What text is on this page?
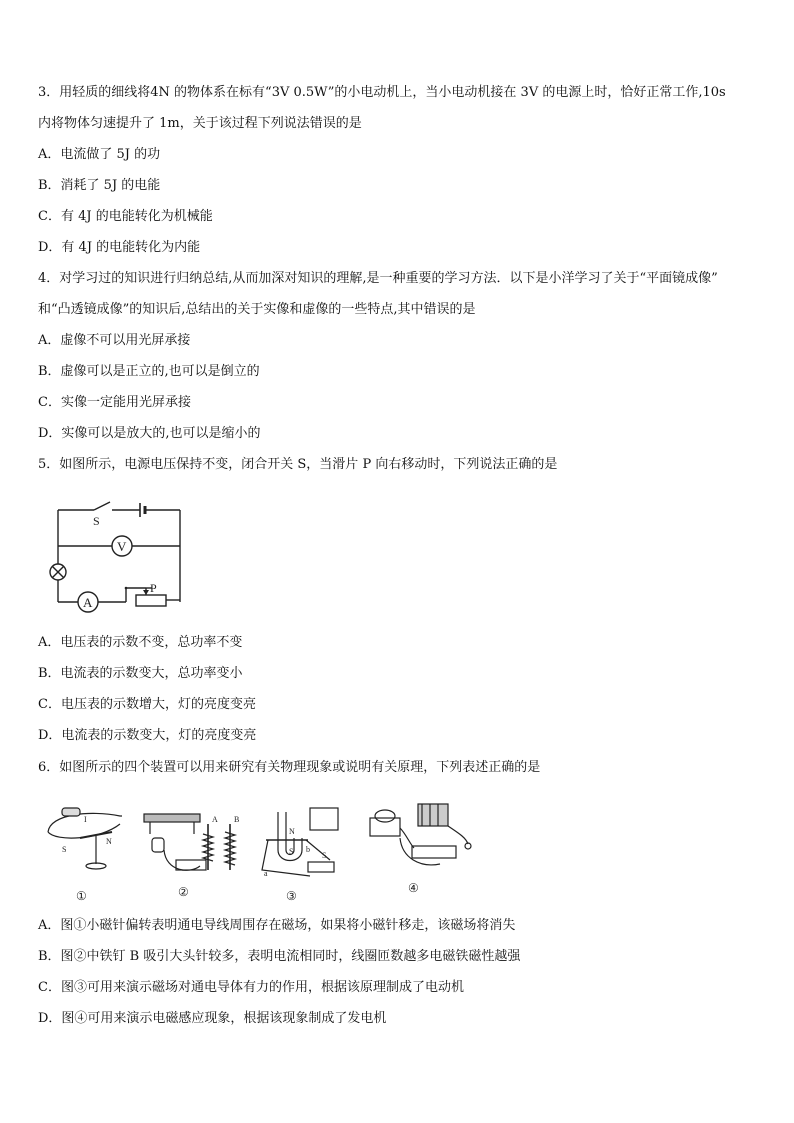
3．用轻质的细线将4N 的物体系在标有“3V 0.5W”的小电动机上，当小电动机接在 3V 的电源上时，恰好正常工作,10s
内将物体匀速提升了 1m，关于该过程下列说法错误的是
A．电流做了 5J 的功
B．消耗了 5J 的电能
C．有 4J 的电能转化为机械能
D．有 4J 的电能转化为内能
4．对学习过的知识进行归纳总结,从而加深对知识的理解,是一种重要的学习方法．以下是小洋学习了关于“平面镜成像”
和“凸透镜成像”的知识后,总结出的关于实像和虚像的一些特点,其中错误的是
A．虚像不可以用光屏承接
B．虚像可以是正立的,也可以是倒立的
C．实像一定能用光屏承接
D．实像可以是放大的,也可以是缩小的
5．如图所示，电源电压保持不变，闭合开关 S，当滑片 P 向右移动时，下列说法正确的是
S
V
A
P
A．电压表的示数不变，总功率不变
B．电流表的示数变大，总功率变小
C．电压表的示数增大，灯的亮度变亮
D．电流表的示数变大，灯的亮度变亮
6．如图所示的四个装置可以用来研究有关物理现象或说明有关原理，下列表述正确的是
I
S
N
A B
N
S
a
b
S
①	②	③
④
A．图①小磁针偏转表明通电导线周围存在磁场，如果将小磁针移走，该磁场将消失
B．图②中铁钉 B 吸引大头针较多，表明电流相同时，线圈匝数越多电磁铁磁性越强
C．图③可用来演示磁场对通电导体有力的作用，根据该原理制成了电动机
D．图④可用来演示电磁感应现象，根据该现象制成了发电机
